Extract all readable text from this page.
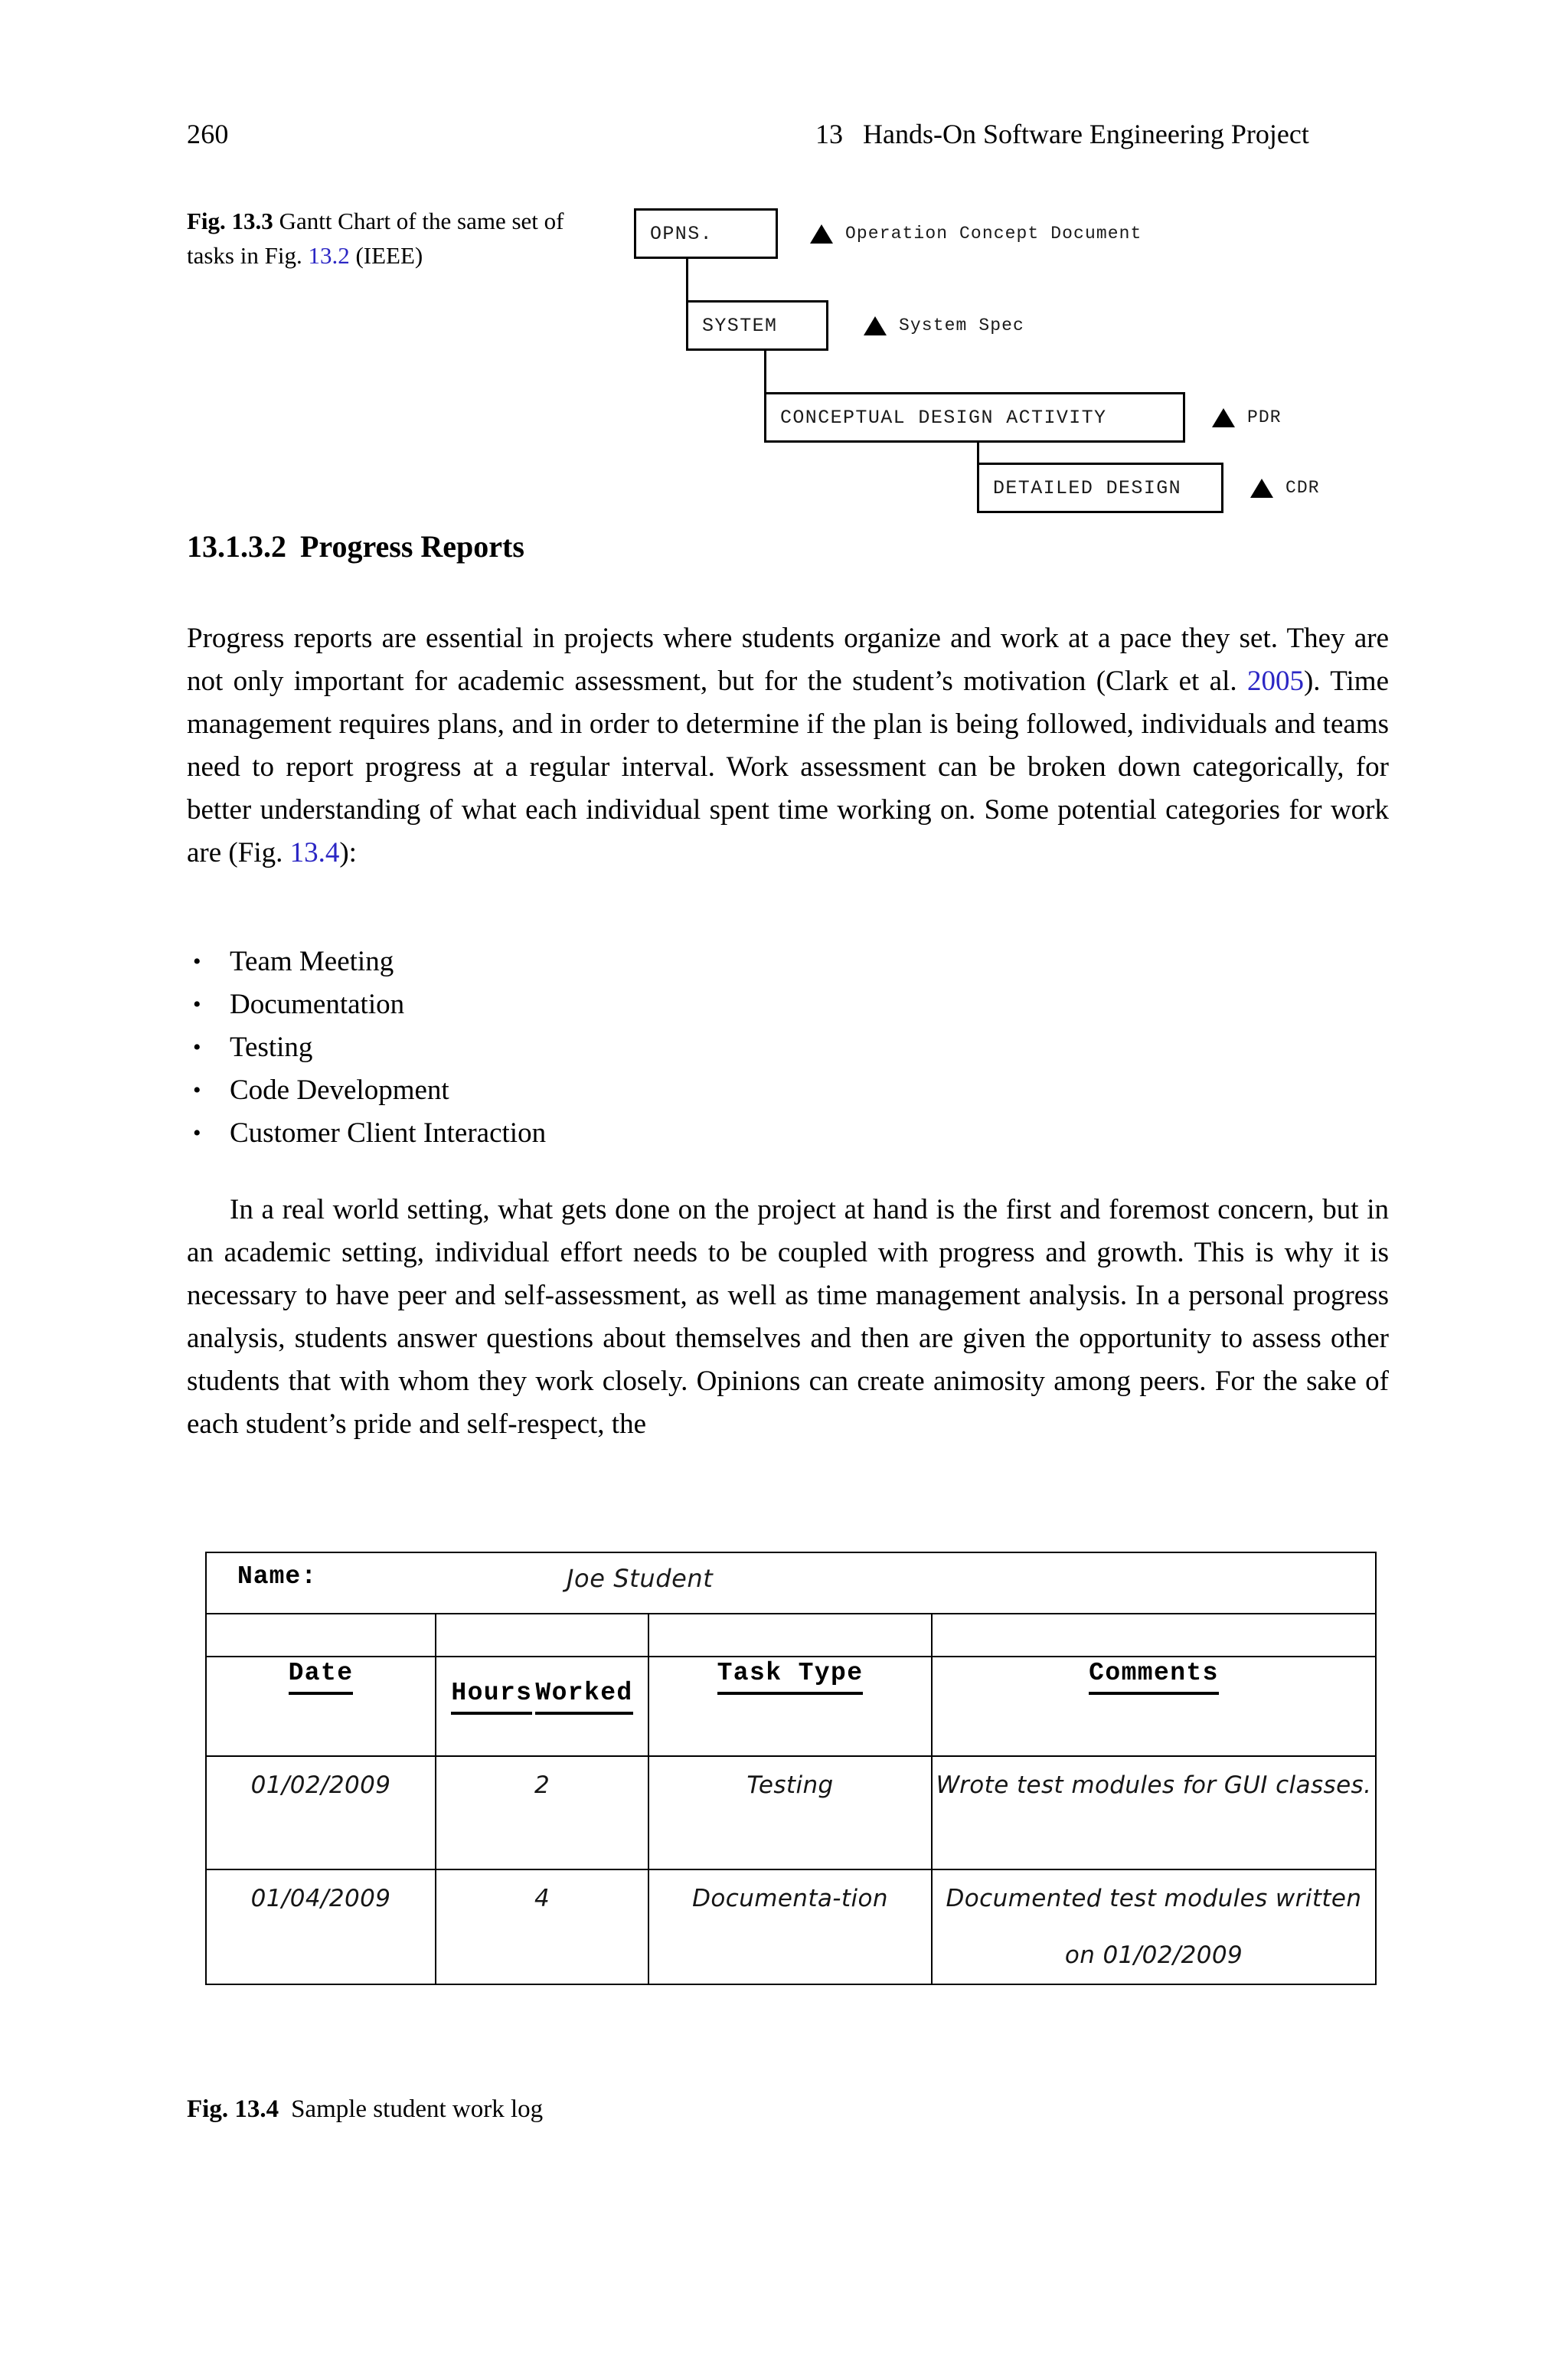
260	13 Hands-On Software Engineering Project
Fig. 13.3 Gantt Chart of the same set of tasks in Fig. 13.2 (IEEE)
OPNS.	Operation Concept Document
SYSTEM	System Spec
CONCEPTUAL DESIGN ACTIVITY	PDR
DETAILED DESIGN	CDR
13.1.3.2 Progress Reports
Progress reports are essential in projects where students organize and work at a pace they set. They are not only important for academic assessment, but for the student’s motivation (Clark et al. 2005). Time management requires plans, and in order to determine if the plan is being followed, individuals and teams need to report progress at a regular interval. Work assessment can be broken down categorically, for better understanding of what each individual spent time working on. Some potential categories for work are (Fig. 13.4):
• Team Meeting
• Documentation
• Testing
• Code Development
• Customer Client Interaction
In a real world setting, what gets done on the project at hand is the first and foremost concern, but in an academic setting, individual effort needs to be coupled with progress and growth. This is why it is necessary to have peer and self-assessment, as well as time management analysis. In a personal progress analysis, students answer questions about themselves and then are given the opportunity to assess other students that with whom they work closely. Opinions can create animosity among peers. For the sake of each student’s pride and self-respect, the
Name: Joe Student			

Date	Hours Worked	Task Type	Comments
01/02/2009	2	Testing	Wrote test modules for GUI classes.
01/04/2009	4	Documenta-tion	Documented test modules written on 01/02/2009
Fig. 13.4 Sample student work log
